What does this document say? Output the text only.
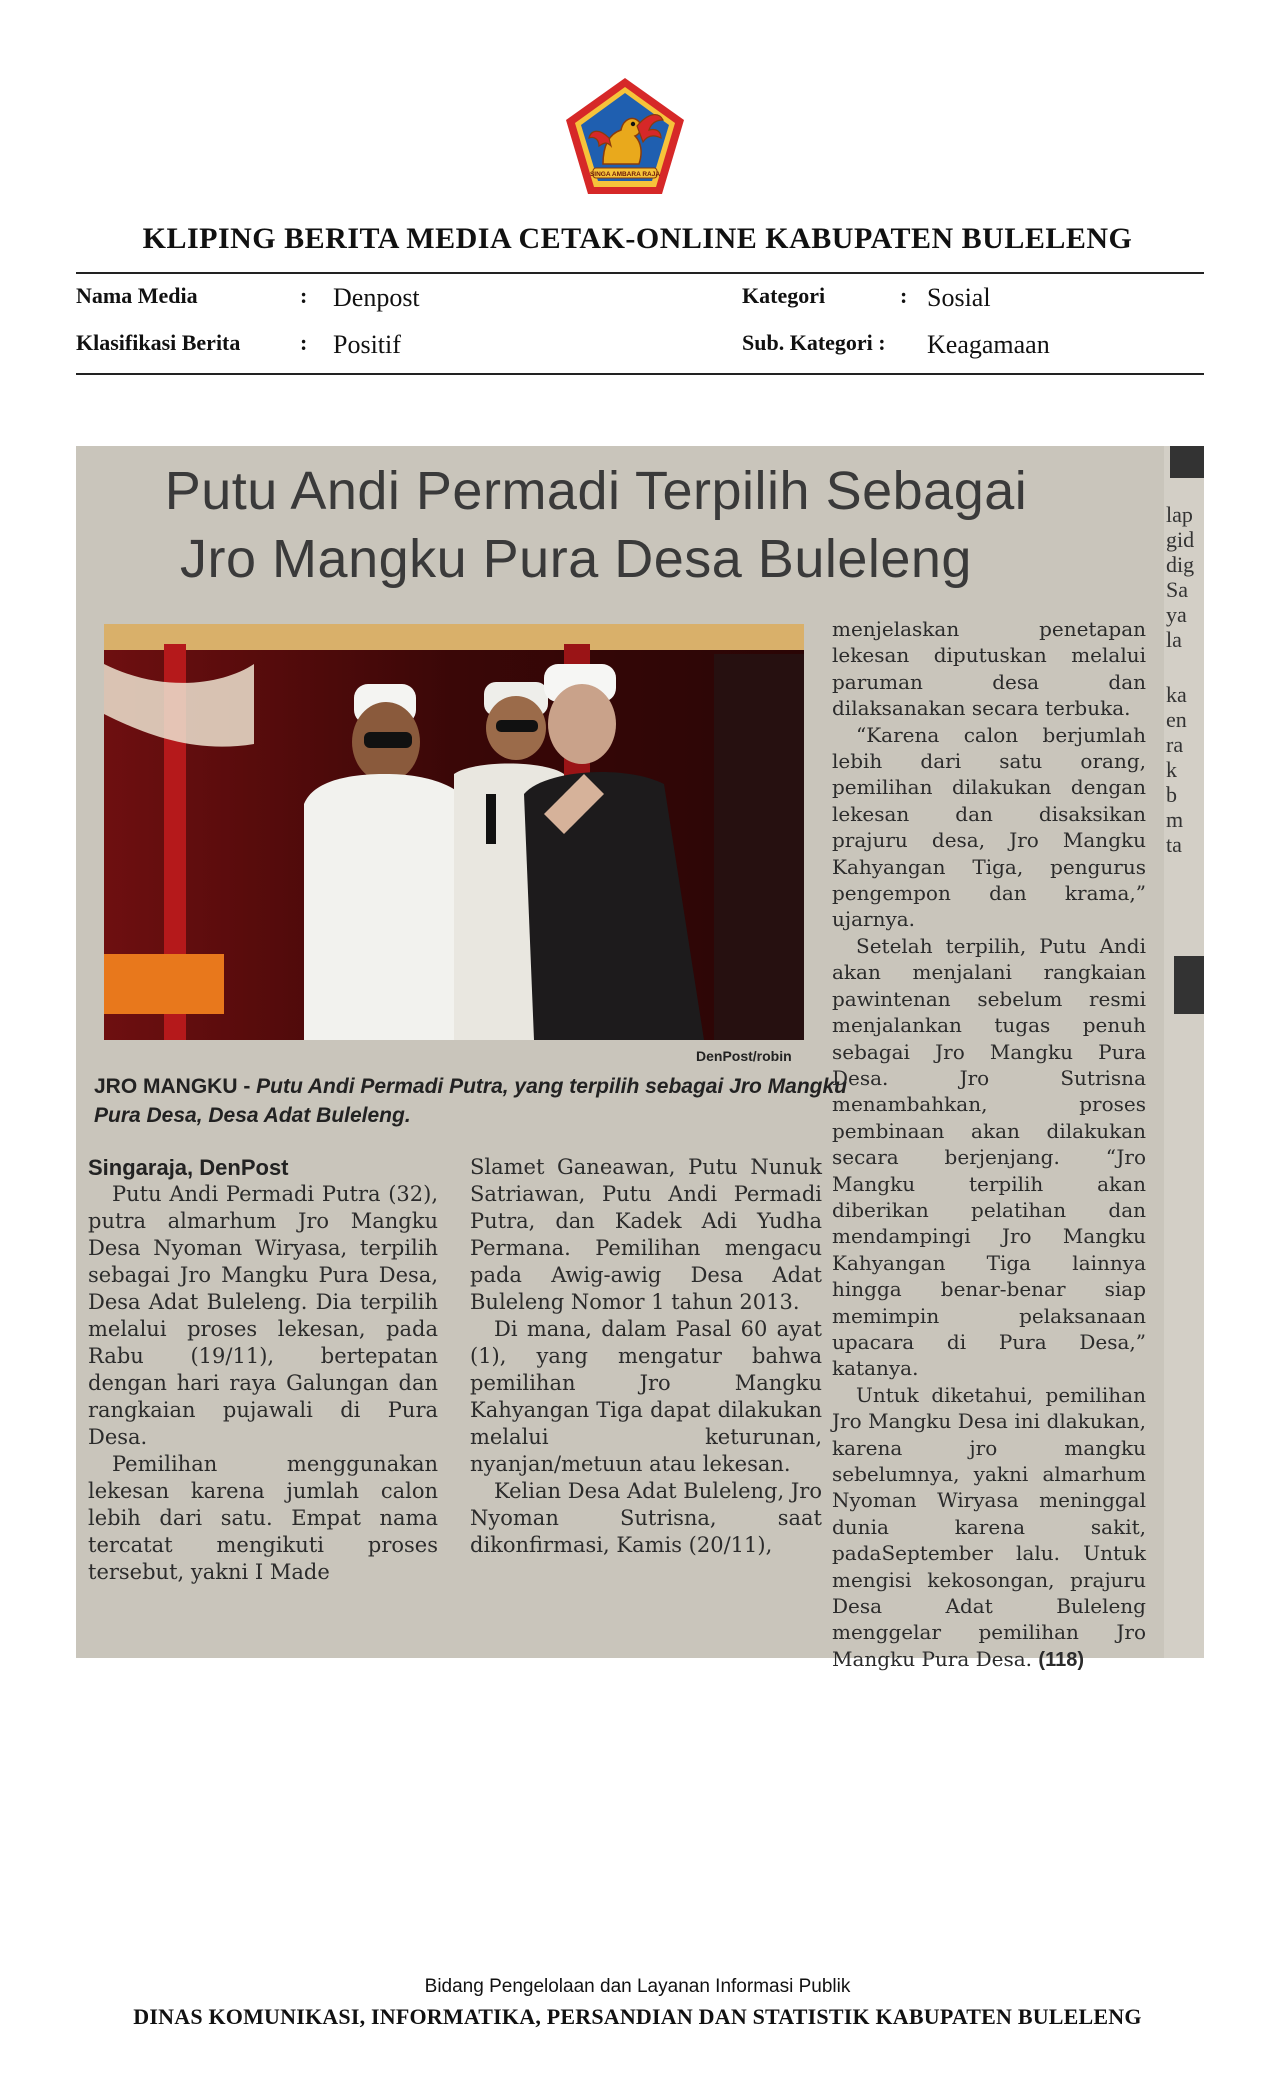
SINGA AMBARA RAJA
KLIPING BERITA MEDIA CETAK-ONLINE KABUPATEN BULELENG
Nama Media	: Denpost	Kategori	: Sosial
Klasifikasi Berita	: Positif	Sub. Kategori : Keagamaan
lap
gid
dig
Sa
ya
la
ka
en
ra
k
b
m
ta
Putu Andi Permadi Terpilih Sebagai
Jro Mangku Pura Desa Buleleng
DenPost/robin
JRO MANGKU - Putu Andi Permadi Putra, yang terpilih sebagai Jro Mangku Pura Desa, Desa Adat Buleleng.

Singaraja, DenPost

Putu Andi Permadi Putra (32), putra almarhum Jro Mangku Desa Nyoman Wiryasa, terpilih sebagai Jro Mangku Pura Desa, Desa Adat Buleleng. Dia terpilih melalui proses lekesan, pada Rabu (19/11), bertepatan dengan hari raya Galungan dan rangkaian pujawali di Pura Desa.

Pemilihan menggunakan lekesan karena jumlah calon lebih dari satu. Empat nama tercatat mengikuti proses tersebut, yakni I Made

Slamet Ganeawan, Putu Nunuk Satriawan, Putu Andi Permadi Putra, dan Kadek Adi Yudha Permana. Pemilihan mengacu pada Awig-awig Desa Adat Buleleng Nomor 1 tahun 2013.

Di mana, dalam Pasal 60 ayat (1), yang mengatur bahwa pemilihan Jro Mangku Kahyangan Tiga dapat dilakukan melalui keturunan, nyanjan/metuun atau lekesan.

Kelian Desa Adat Buleleng, Jro Nyoman Sutrisna, saat dikonfirmasi, Kamis (20/11),

menjelaskan penetapan lekesan diputuskan melalui paruman desa dan dilaksanakan secara terbuka.

“Karena calon berjumlah lebih dari satu orang, pemilihan dilakukan dengan lekesan dan disaksikan prajuru desa, Jro Mangku Kahyangan Tiga, pengurus pengempon dan krama,” ujarnya.

Setelah terpilih, Putu Andi akan menjalani rangkaian pawintenan sebelum resmi menjalankan tugas penuh sebagai Jro Mangku Pura Desa. Jro Sutrisna menambahkan, proses pembinaan akan dilakukan secara berjenjang. “Jro Mangku terpilih akan diberikan pelatihan dan mendampingi Jro Mangku Kahyangan Tiga lainnya hingga benar-benar siap memimpin pelaksanaan upacara di Pura Desa,” katanya.

Untuk diketahui, pemilihan Jro Mangku Desa ini dlakukan, karena jro mangku sebelumnya, yakni almarhum Nyoman Wiryasa meninggal dunia karena sakit, padaSeptember lalu. Untuk mengisi kekosongan, prajuru Desa Adat Buleleng menggelar pemilihan Jro Mangku Pura Desa. (118)

Bidang Pengelolaan dan Layanan Informasi Publik
DINAS KOMUNIKASI, INFORMATIKA, PERSANDIAN DAN STATISTIK KABUPATEN BULELENG
